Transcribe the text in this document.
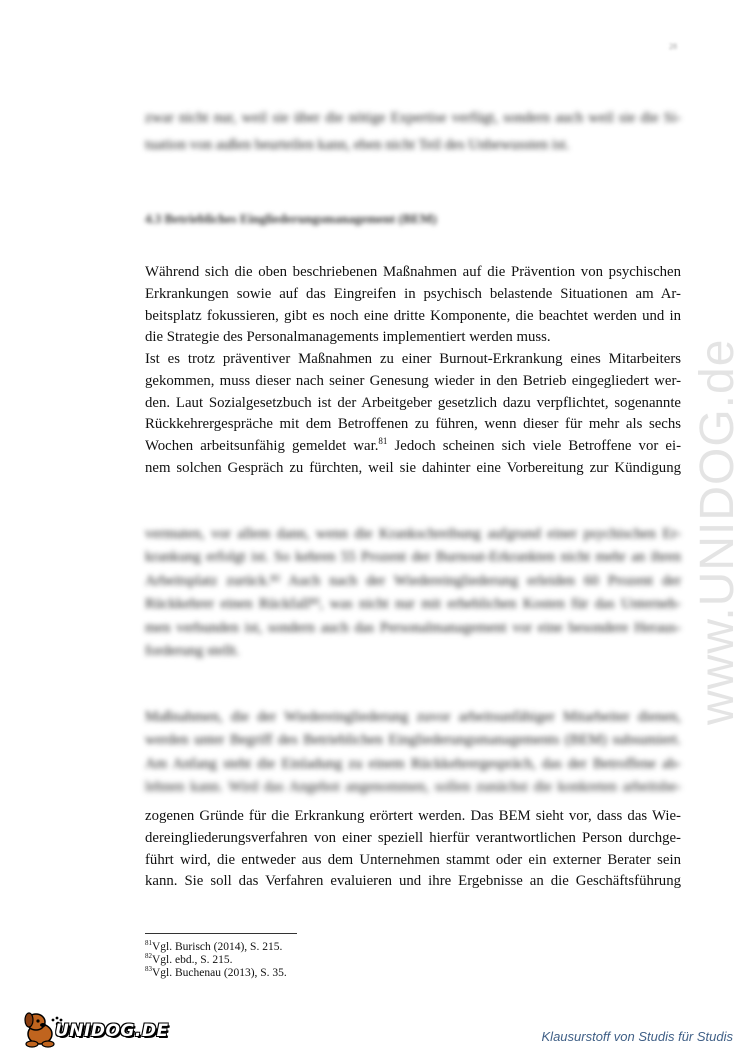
28
www.UNIDOG.de

zwar nicht nur, weil sie über die nötige Expertise verfügt, sondern auch weil sie die Si-
tuation von außen beurteilen kann, eben nicht Teil des Unbewussten ist.

4.3 Betriebliches Eingliederungsmanagement (BEM)

Während sich die oben beschriebenen Maßnahmen auf die Prävention von psychischen
Erkrankungen sowie auf das Eingreifen in psychisch belastende Situationen am Ar-
beitsplatz fokussieren, gibt es noch eine dritte Komponente, die beachtet werden und in
die Strategie des Personalmanagements implementiert werden muss.

Ist es trotz präventiver Maßnahmen zu einer Burnout-Erkrankung eines Mitarbeiters
gekommen, muss dieser nach seiner Genesung wieder in den Betrieb eingegliedert wer-
den. Laut Sozialgesetzbuch ist der Arbeitgeber gesetzlich dazu verpflichtet, sogenannte
Rückkehrergespräche mit dem Betroffenen zu führen, wenn dieser für mehr als sechs
Wochen arbeitsunfähig gemeldet war.$^{81}$ Jedoch scheinen sich viele Betroffene vor ei-
nem solchen Gespräch zu fürchten, weil sie dahinter eine Vorbereitung zur Kündigung

vermuten, vor allem dann, wenn die Krankschreibung aufgrund einer psychischen Er-
krankung erfolgt ist. So kehren 55 Prozent der Burnout-Erkrankten nicht mehr an ihren
Arbeitsplatz zurück.⁸² Auch nach der Wiedereingliederung erleiden 60 Prozent der
Rückkehrer einen Rückfall⁸³, was nicht nur mit erheblichen Kosten für das Unterneh-
men verbunden ist, sondern auch das Personalmanagement vor eine besondere Heraus-
forderung stellt.

Maßnahmen, die der Wiedereingliederung zuvor arbeitsunfähiger Mitarbeiter dienen,
werden unter Begriff des Betrieblichen Eingliederungsmanagements (BEM) subsumiert.
Am Anfang steht die Einladung zu einem Rückkehrergespräch, das der Betroffene ab-
lehnen kann. Wird das Angebot angenommen, sollen zunächst die konkreten arbeitsbe-

zogenen Gründe für die Erkrankung erörtert werden. Das BEM sieht vor, dass das Wie-
dereingliederungsverfahren von einer speziell hierfür verantwortlichen Person durchge-
führt wird, die entweder aus dem Unternehmen stammt oder ein externer Berater sein
kann. Sie soll das Verfahren evaluieren und ihre Ergebnisse an die Geschäftsführung

$^{81}$Vgl. Burisch (2014), S. 215.
$^{82}$Vgl. ebd., S. 215.
$^{83}$Vgl. Buchenau (2013), S. 35.
UNIDOG.DE	Klausurstoff von Studis für Studis
